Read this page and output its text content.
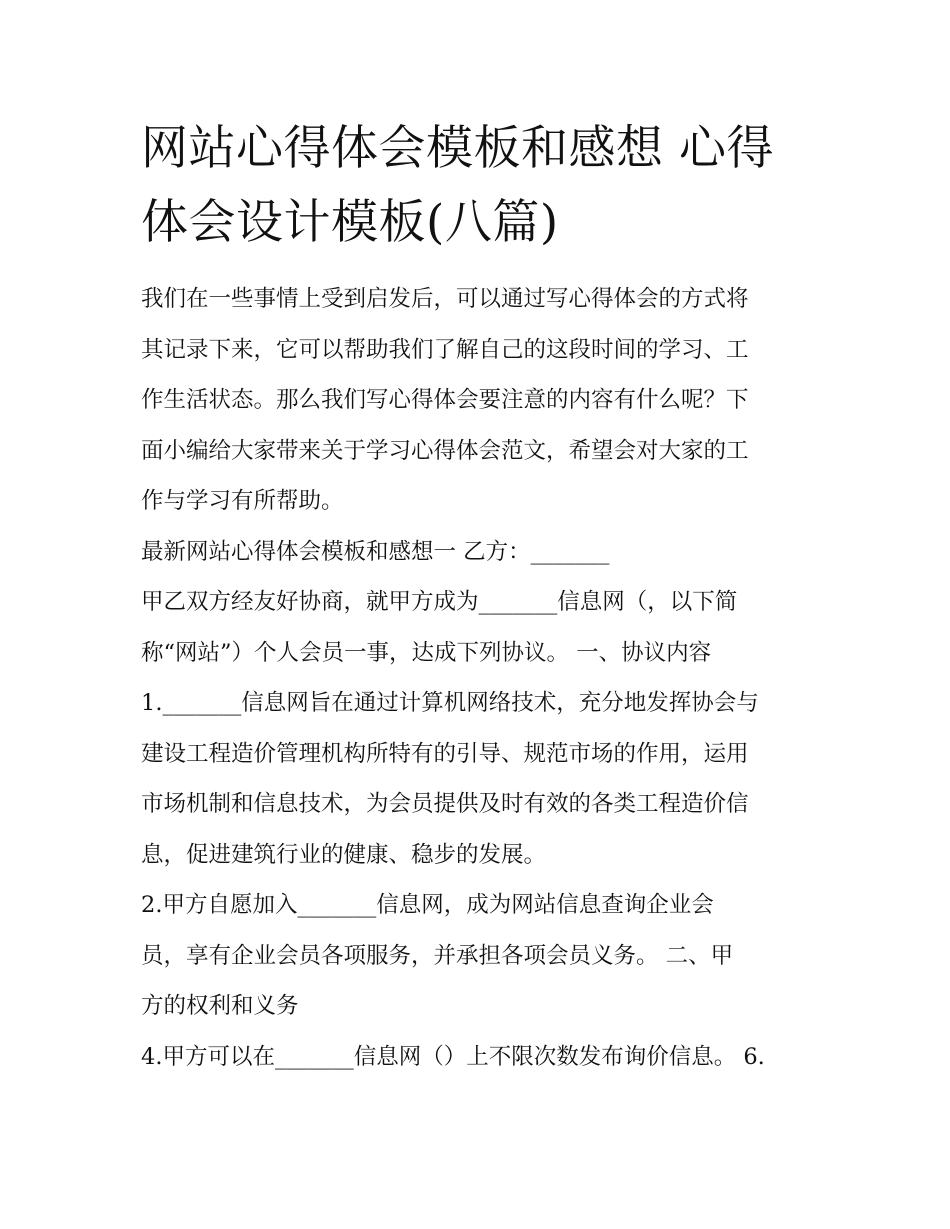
网站心得体会模板和感想 心得
体会设计模板(八篇)
我们在一些事情上受到启发后，可以通过写心得体会的方式将
其记录下来，它可以帮助我们了解自己的这段时间的学习、工
作生活状态。那么我们写心得体会要注意的内容有什么呢？下
面小编给大家带来关于学习心得体会范文，希望会对大家的工
作与学习有所帮助。
最新网站心得体会模板和感想一 乙方：_______
甲乙双方经友好协商，就甲方成为_______信息网（，以下简
称“网站”）个人会员一事，达成下列协议。 一、协议内容
1._______信息网旨在通过计算机网络技术，充分地发挥协会与
建设工程造价管理机构所特有的引导、规范市场的作用，运用
市场机制和信息技术，为会员提供及时有效的各类工程造价信
息，促进建筑行业的健康、稳步的发展。
2.甲方自愿加入_______信息网，成为网站信息查询企业会
员，享有企业会员各项服务，并承担各项会员义务。 二、甲
方的权利和义务
4.甲方可以在_______信息网（）上不限次数发布询价信息。 6.
